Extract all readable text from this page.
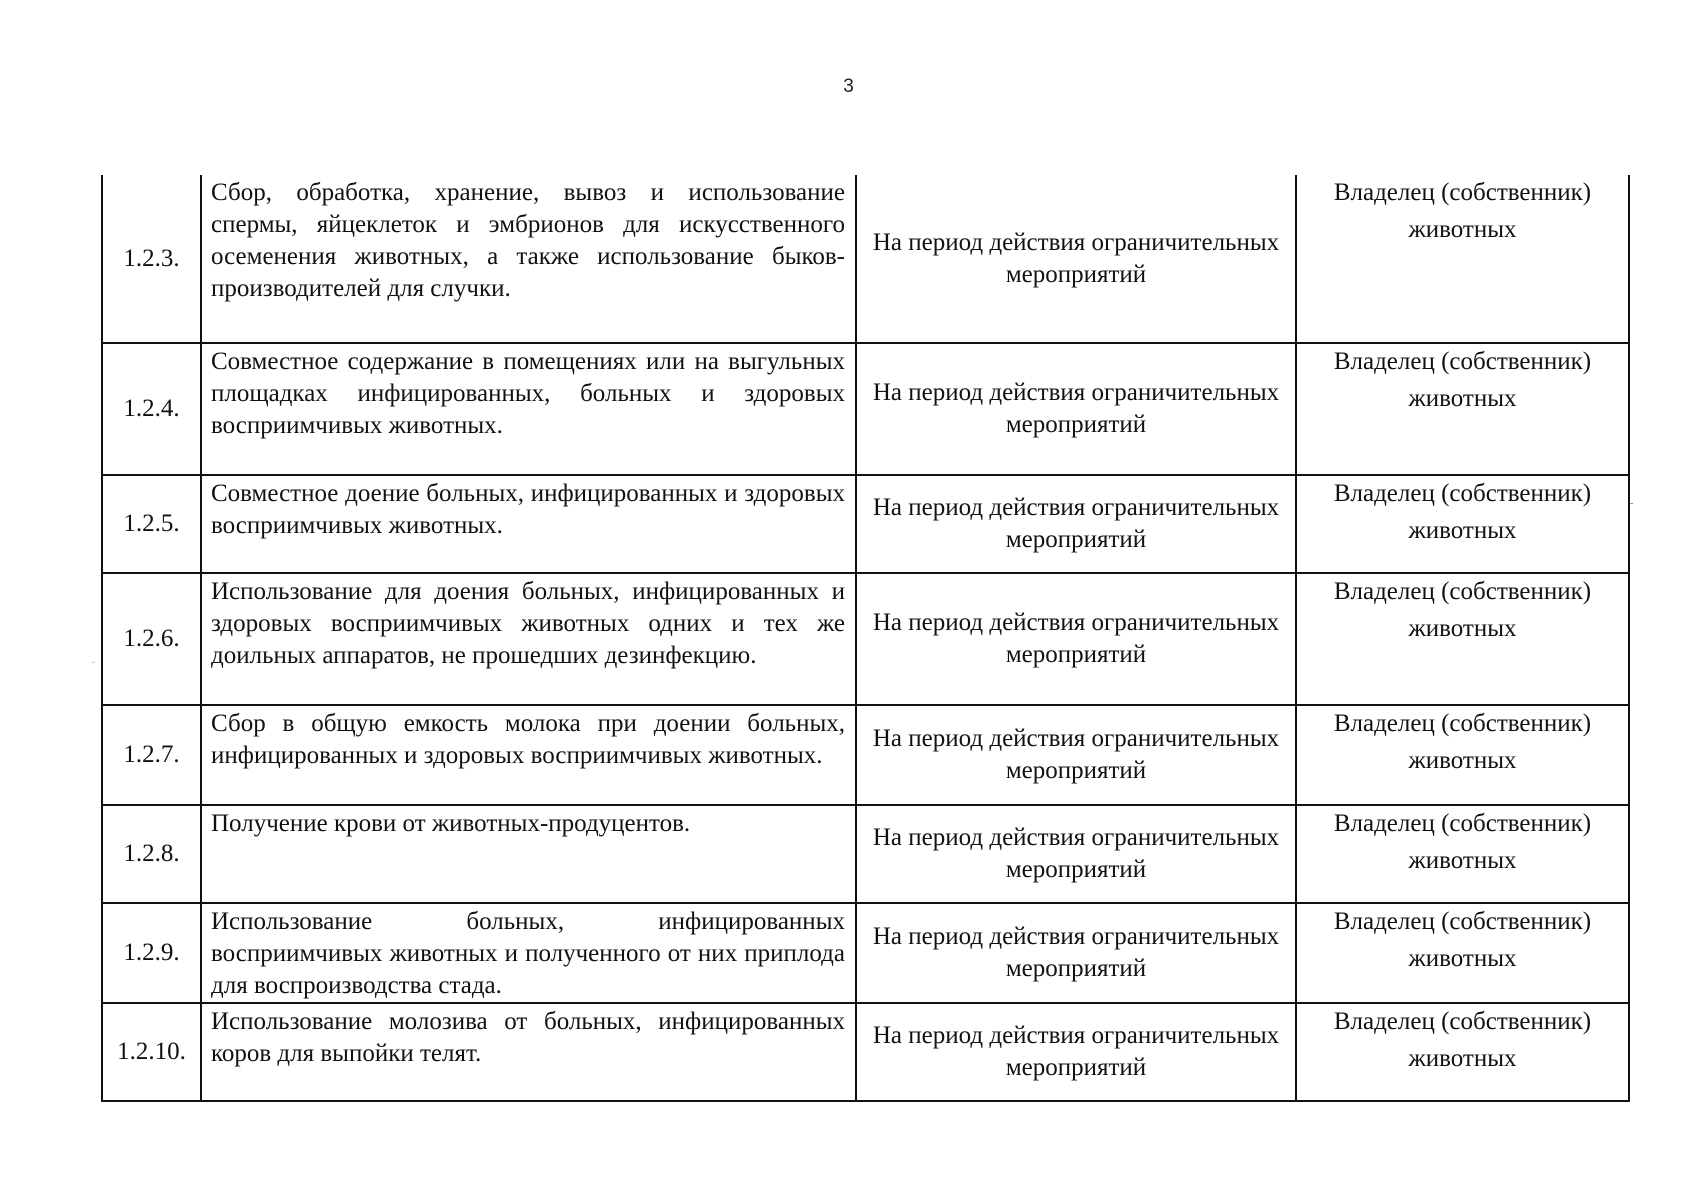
3
1.2.3.	Сбор, обработка, хранение, вывоз и использование спермы, яйцеклеток и эмбрионов для искусственного осеменения животных, а также использование быков-производителей для случки.	На период действия ограничительных мероприятий	Владелец (собственник)
животных

1.2.4.	Совместное содержание в помещениях или на выгульных площадках инфицированных, больных и здоровых восприимчивых животных.	На период действия ограничительных мероприятий	Владелец (собственник)
животных

1.2.5.	Совместное доение больных, инфицированных и здоровых восприимчивых животных.	На период действия ограничительных мероприятий	Владелец (собственник)
животных

1.2.6.	Использование для доения больных, инфицированных и здоровых восприимчивых животных одних и тех же доильных аппаратов, не прошедших дезинфекцию.	На период действия ограничительных мероприятий	Владелец (собственник)
животных

1.2.7.	Сбор в общую емкость молока при доении больных, инфицированных и здоровых восприимчивых животных.	На период действия ограничительных мероприятий	Владелец (собственник)
животных

1.2.8.	Получение крови от животных-продуцентов.	На период действия ограничительных мероприятий	Владелец (собственник)
животных

1.2.9.	Использование больных, инфицированных восприимчивых животных и полученного от них приплода для воспроизводства стада.	На период действия ограничительных мероприятий	Владелец (собственник)
животных

1.2.10.	Использование молозива от больных, инфицированных коров для выпойки телят.	На период действия ограничительных мероприятий	Владелец (собственник)
животных
.
-
